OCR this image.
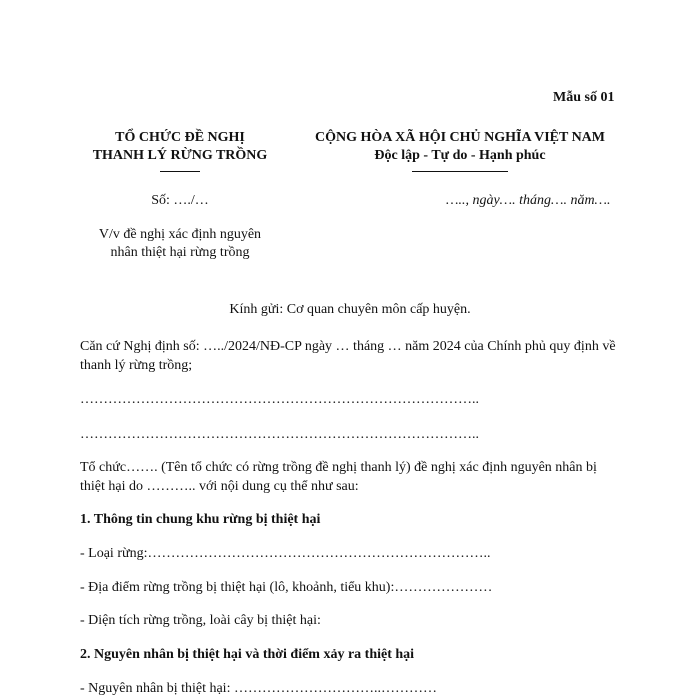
Mẫu số 01
TỔ CHỨC ĐỀ NGHỊ
THANH LÝ RỪNG TRỒNG
Số: …./…
V/v đề nghị xác định nguyên
nhân thiệt hại rừng trồng
CỘNG HÒA XÃ HỘI CHỦ NGHĨA VIỆT NAM
Độc lập - Tự do - Hạnh phúc
….., ngày…. tháng…. năm….
Kính gửi: Cơ quan chuyên môn cấp huyện.
Căn cứ Nghị định số: …../2024/NĐ-CP ngày … tháng … năm 2024 của Chính phủ quy định về thanh lý rừng trồng;
…………………………………………………………………………..
…………………………………………………………………………..
Tổ chức……. (Tên tổ chức có rừng trồng đề nghị thanh lý) đề nghị xác định nguyên nhân bị thiệt hại do ……….. với nội dung cụ thể như sau:
1. Thông tin chung khu rừng bị thiệt hại
- Loại rừng:………………………………………………………………..
- Địa điểm rừng trồng bị thiệt hại (lô, khoảnh, tiểu khu):…………………
- Diện tích rừng trồng, loài cây bị thiệt hại:
2. Nguyên nhân bị thiệt hại và thời điểm xảy ra thiệt hại
- Nguyên nhân bị thiệt hại: …………………………..…………
